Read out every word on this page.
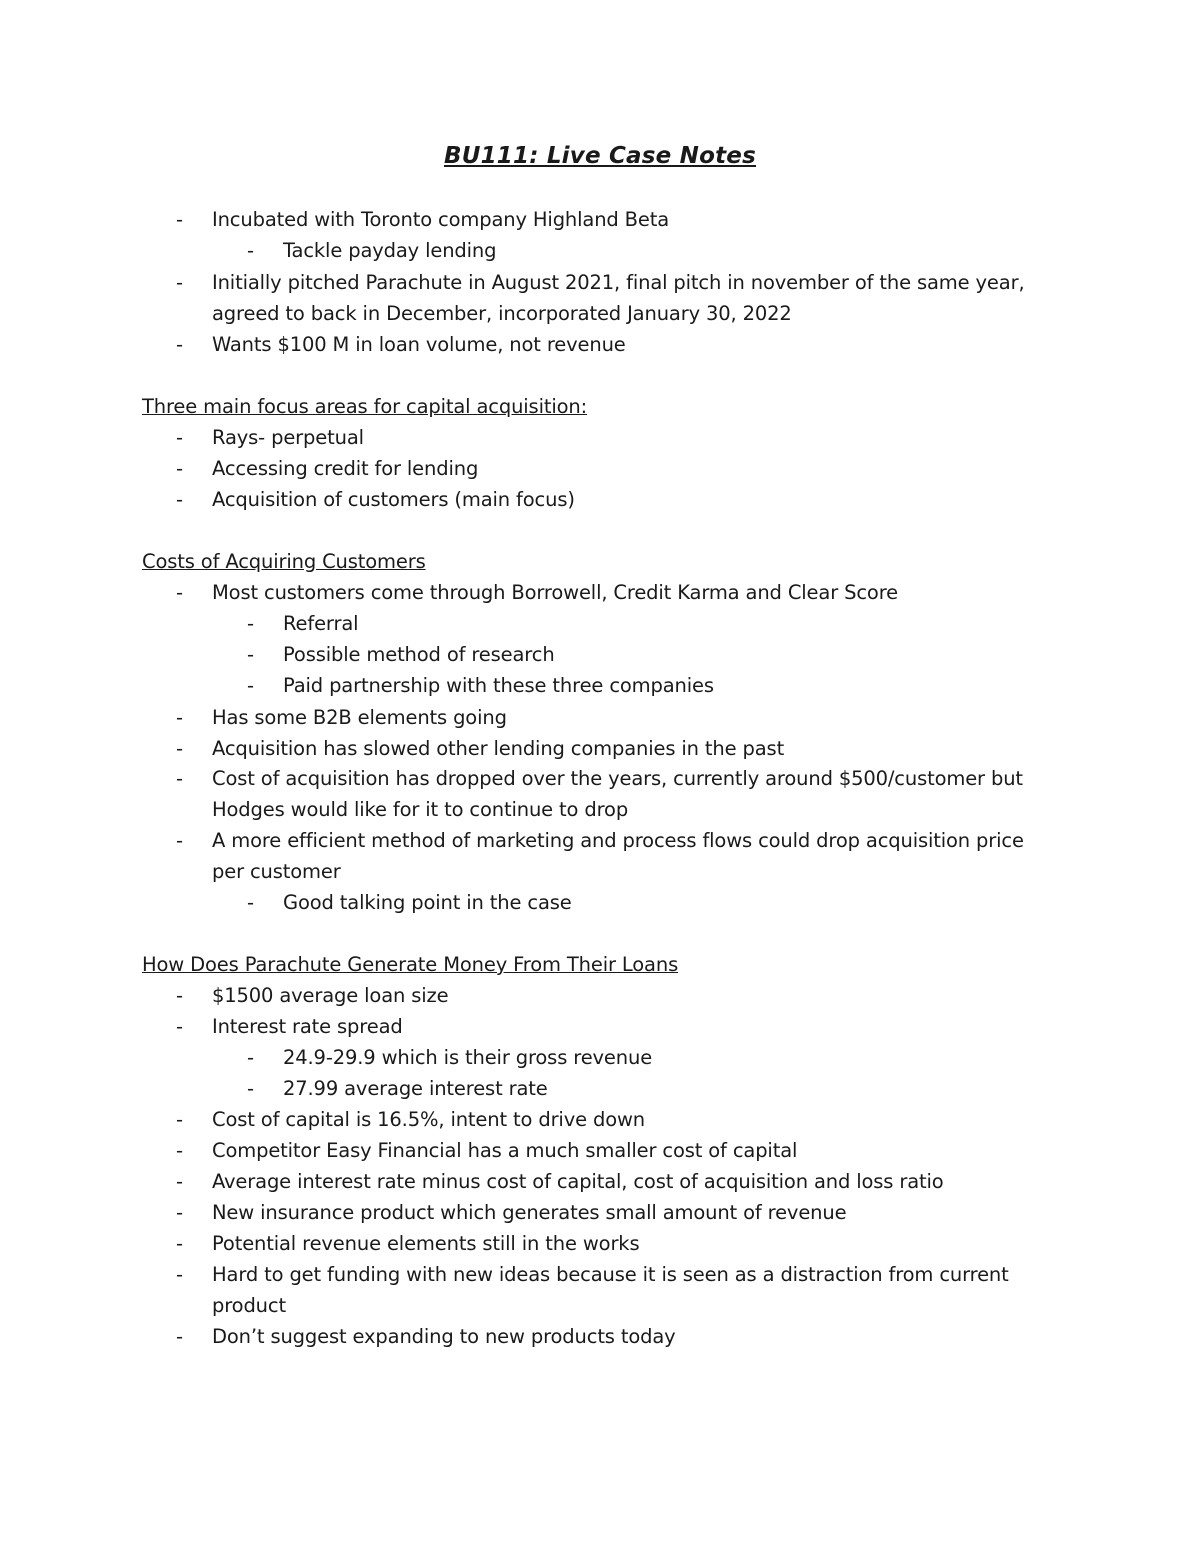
BU111: Live Case Notes
- Incubated with Toronto company Highland Beta
- Tackle payday lending
- Initially pitched Parachute in August 2021, final pitch in november of the same year,
agreed to back in December, incorporated January 30, 2022
- Wants $100 M in loan volume, not revenue
Three main focus areas for capital acquisition:
- Rays- perpetual
- Accessing credit for lending
- Acquisition of customers (main focus)
Costs of Acquiring Customers
- Most customers come through Borrowell, Credit Karma and Clear Score
- Referral
- Possible method of research
- Paid partnership with these three companies
- Has some B2B elements going
- Acquisition has slowed other lending companies in the past
- Cost of acquisition has dropped over the years, currently around $500/customer but
Hodges would like for it to continue to drop
- A more efficient method of marketing and process flows could drop acquisition price
per customer
- Good talking point in the case
How Does Parachute Generate Money From Their Loans
- $1500 average loan size
- Interest rate spread
- 24.9-29.9 which is their gross revenue
- 27.99 average interest rate
- Cost of capital is 16.5%, intent to drive down
- Competitor Easy Financial has a much smaller cost of capital
- Average interest rate minus cost of capital, cost of acquisition and loss ratio
- New insurance product which generates small amount of revenue
- Potential revenue elements still in the works
- Hard to get funding with new ideas because it is seen as a distraction from current
product
- Don’t suggest expanding to new products today
